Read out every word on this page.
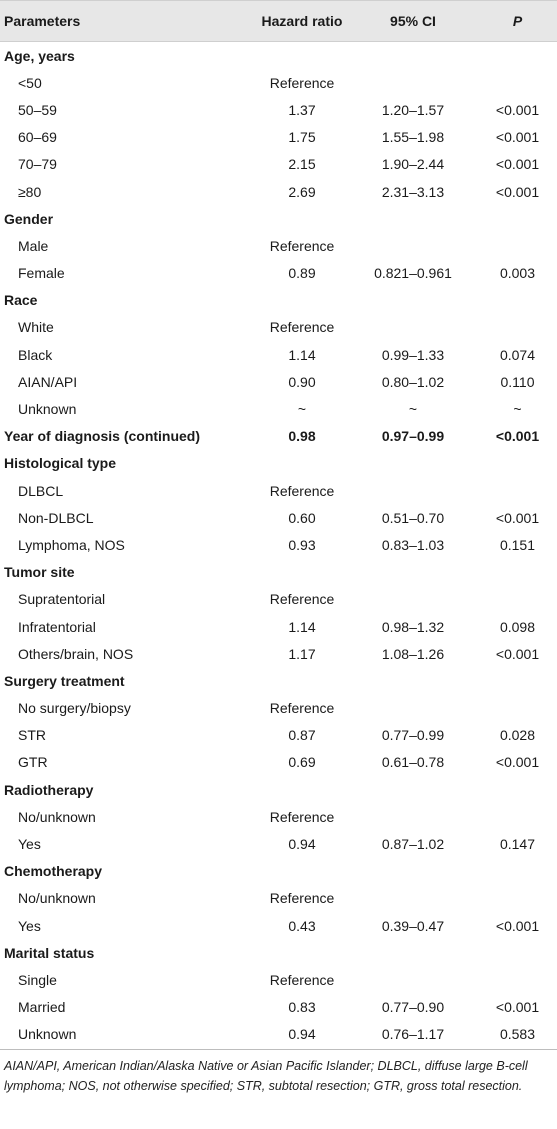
Parameters	Hazard ratio	95% CI	P
Age, years
<50	Reference
50–59	1.37	1.20–1.57	<0.001
60–69	1.75	1.55–1.98	<0.001
70–79	2.15	1.90–2.44	<0.001
≥80	2.69	2.31–3.13	<0.001
Gender
Male	Reference
Female	0.89	0.821–0.961	0.003
Race
White	Reference
Black	1.14	0.99–1.33	0.074
AIAN/API	0.90	0.80–1.02	0.110
Unknown	~	~	~
Year of diagnosis (continued)	0.98	0.97–0.99	<0.001
Histological type
DLBCL	Reference
Non-DLBCL	0.60	0.51–0.70	<0.001
Lymphoma, NOS	0.93	0.83–1.03	0.151
Tumor site
Supratentorial	Reference
Infratentorial	1.14	0.98–1.32	0.098
Others/brain, NOS	1.17	1.08–1.26	<0.001
Surgery treatment
No surgery/biopsy	Reference
STR	0.87	0.77–0.99	0.028
GTR	0.69	0.61–0.78	<0.001
Radiotherapy
No/unknown	Reference
Yes	0.94	0.87–1.02	0.147
Chemotherapy
No/unknown	Reference
Yes	0.43	0.39–0.47	<0.001
Marital status
Single	Reference
Married	0.83	0.77–0.90	<0.001
Unknown	0.94	0.76–1.17	0.583
AIAN/API, American Indian/Alaska Native or Asian Pacific Islander; DLBCL, diffuse large B-cell lymphoma; NOS, not otherwise specified; STR, subtotal resection; GTR, gross total resection.
